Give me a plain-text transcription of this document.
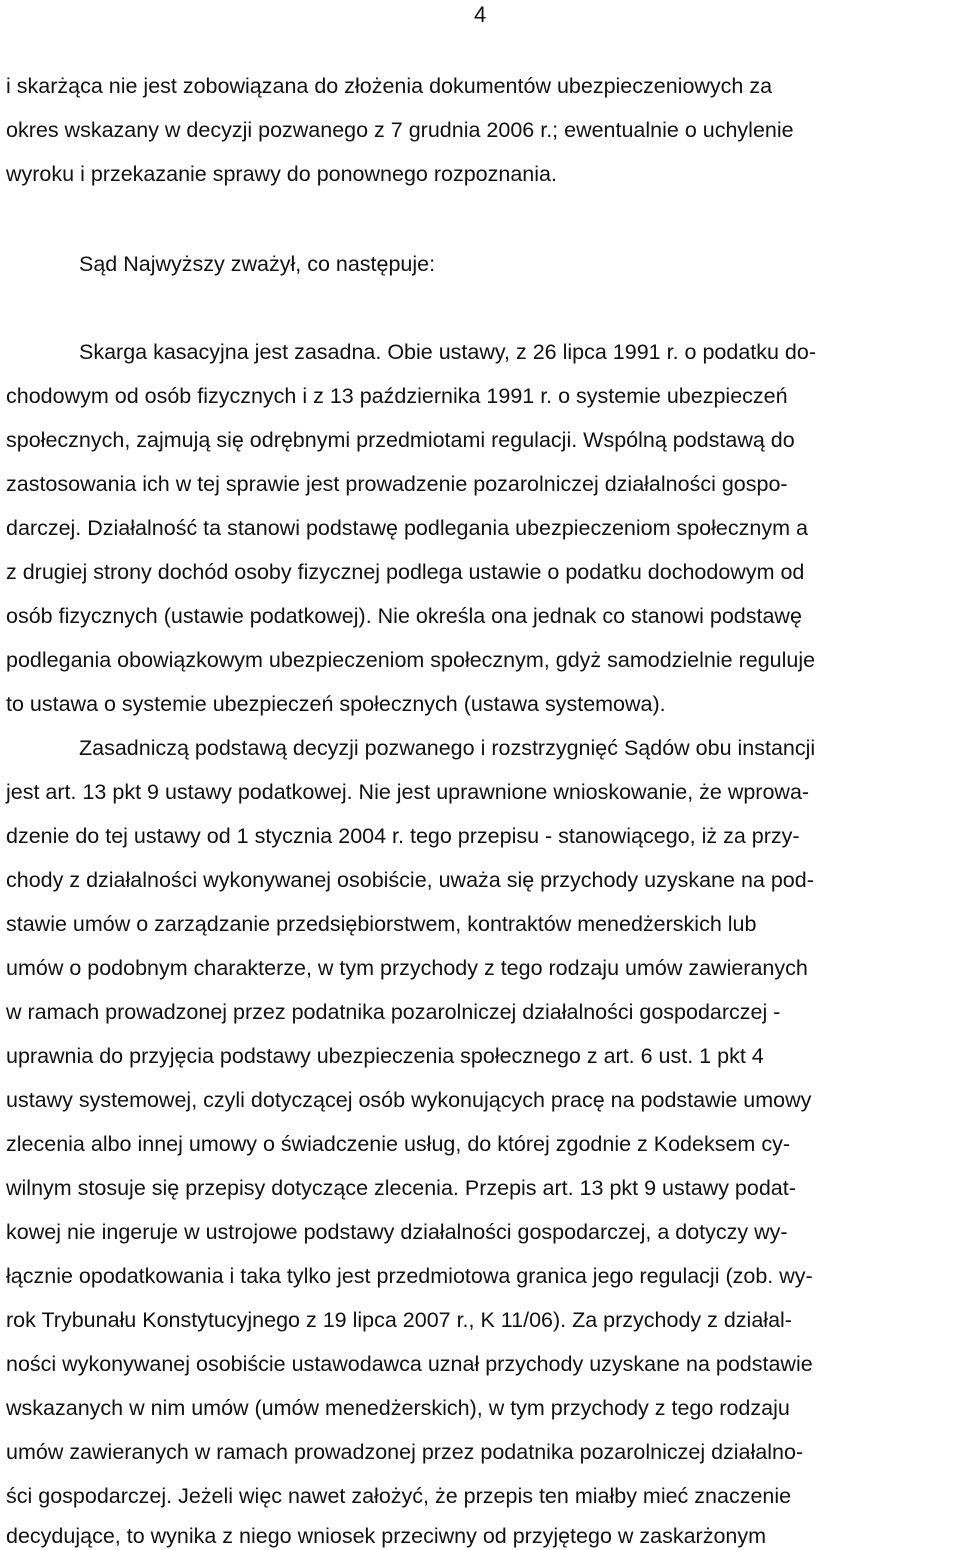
4
i skarżąca nie jest zobowiązana do złożenia dokumentów ubezpieczeniowych za
okres wskazany w decyzji pozwanego z 7 grudnia 2006 r.; ewentualnie o uchylenie
wyroku i przekazanie sprawy do ponownego rozpoznania.
Sąd Najwyższy zważył, co następuje:
Skarga kasacyjna jest zasadna. Obie ustawy, z 26 lipca 1991 r. o podatku do-
chodowym od osób fizycznych i z 13 października 1991 r. o systemie ubezpieczeń
społecznych, zajmują się odrębnymi przedmiotami regulacji. Wspólną podstawą do
zastosowania ich w tej sprawie jest prowadzenie pozarolniczej działalności gospo-
darczej. Działalność ta stanowi podstawę podlegania ubezpieczeniom społecznym a
z drugiej strony dochód osoby fizycznej podlega ustawie o podatku dochodowym od
osób fizycznych (ustawie podatkowej). Nie określa ona jednak co stanowi podstawę
podlegania obowiązkowym ubezpieczeniom społecznym, gdyż samodzielnie reguluje
to ustawa o systemie ubezpieczeń społecznych (ustawa systemowa).
Zasadniczą podstawą decyzji pozwanego i rozstrzygnięć Sądów obu instancji
jest art. 13 pkt 9 ustawy podatkowej. Nie jest uprawnione wnioskowanie, że wprowa-
dzenie do tej ustawy od 1 stycznia 2004 r. tego przepisu - stanowiącego, iż za przy-
chody z działalności wykonywanej osobiście, uważa się przychody uzyskane na pod-
stawie umów o zarządzanie przedsiębiorstwem, kontraktów menedżerskich lub
umów o podobnym charakterze, w tym przychody z tego rodzaju umów zawieranych
w ramach prowadzonej przez podatnika pozarolniczej działalności gospodarczej -
uprawnia do przyjęcia podstawy ubezpieczenia społecznego z art. 6 ust. 1 pkt 4
ustawy systemowej, czyli dotyczącej osób wykonujących pracę na podstawie umowy
zlecenia albo innej umowy o świadczenie usług, do której zgodnie z Kodeksem cy-
wilnym stosuje się przepisy dotyczące zlecenia. Przepis art. 13 pkt 9 ustawy podat-
kowej nie ingeruje w ustrojowe podstawy działalności gospodarczej, a dotyczy wy-
łącznie opodatkowania i taka tylko jest przedmiotowa granica jego regulacji (zob. wy-
rok Trybunału Konstytucyjnego z 19 lipca 2007 r., K 11/06). Za przychody z działal-
ności wykonywanej osobiście ustawodawca uznał przychody uzyskane na podstawie
wskazanych w nim umów (umów menedżerskich), w tym przychody z tego rodzaju
umów zawieranych w ramach prowadzonej przez podatnika pozarolniczej działalno-
ści gospodarczej. Jeżeli więc nawet założyć, że przepis ten miałby mieć znaczenie
decydujące, to wynika z niego wniosek przeciwny od przyjętego w zaskarżonym
